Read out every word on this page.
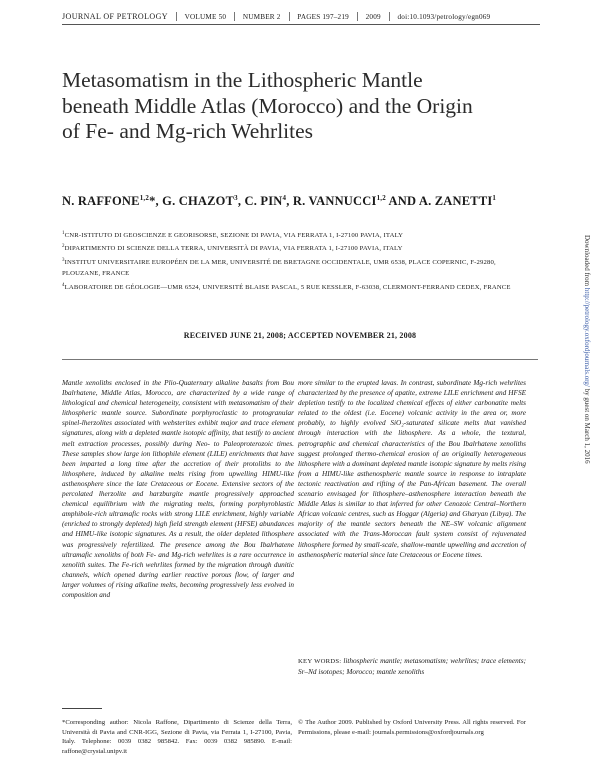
JOURNAL OF PETROLOGY VOLUME 50 NUMBER 2 PAGES 197–219 2009 doi:10.1093/petrology/egn069
Metasomatism in the Lithospheric Mantle beneath Middle Atlas (Morocco) and the Origin of Fe- and Mg-rich Wehrlites
N. RAFFONE$^{1,2}$*, G. CHAZOT$^3$, C. PIN$^4$, R. VANNUCCI$^{1,2}$ AND A. ZANETTI$^1$
$^1$CNR-ISTITUTO DI GEOSCIENZE E GEORISORSE, SEZIONE DI PAVIA, VIA FERRATA 1, I-27100 PAVIA, ITALY
$^2$DIPARTIMENTO DI SCIENZE DELLA TERRA, UNIVERSITÀ DI PAVIA, VIA FERRATA 1, I-27100 PAVIA, ITALY
$^3$INSTITUT UNIVERSITAIRE EUROPÉEN DE LA MER, UNIVERSITÉ DE BRETAGNE OCCIDENTALE, UMR 6538, PLACE COPERNIC, F-29280, PLOUZANE, FRANCE
$^4$LABORATOIRE DE GÉOLOGIE—UMR 6524, UNIVERSITÉ BLAISE PASCAL, 5 RUE KESSLER, F-63038, CLERMONT-FERRAND CEDEX, FRANCE
RECEIVED JUNE 21, 2008; ACCEPTED NOVEMBER 21, 2008
Mantle xenoliths enclosed in the Plio-Quaternary alkaline basalts from Bou Ibalrhatene, Middle Atlas, Morocco, are characterized by a wide range of lithological and chemical heterogeneity, consistent with metasomatism of their lithospheric mantle source. Subordinate porphyroclastic to protogranular spinel-lherzolites associated with websterites exhibit major and trace element signatures, along with a depleted mantle isotopic affinity, that testify to ancient melt extraction processes, possibly during Neo- to Paleoproterozoic times. These samples show large ion lithophile element (LILE) enrichments that have been imparted a long time after the accretion of their protoliths to the lithosphere, induced by alkaline melts rising from upwelling HIMU-like asthenosphere since the late Cretaceous or Eocene. Extensive sectors of the percolated lherzolite and harzburgite mantle progressively approached chemical equilibrium with the migrating melts, forming porphyroblastic amphibole-rich ultramafic rocks with strong LILE enrichment, highly variable (enriched to strongly depleted) high field strength element (HFSE) abundances and HIMU-like isotopic signatures. As a result, the older depleted lithosphere was progressively refertilized. The presence among the Bou Ibalrhatene ultramafic xenoliths of both Fe- and Mg-rich wehrlites is a rare occurrence in xenolith suites. The Fe-rich wehrlites formed by the migration through dunitic channels, which opened during earlier reactive porous flow, of larger and larger volumes of rising alkaline melts, becoming progressively less evolved in composition and
more similar to the erupted lavas. In contrast, subordinate Mg-rich wehrlites characterized by the presence of apatite, extreme LILE enrichment and HFSE depletion testify to the localized chemical effects of either carbonatite melts related to the oldest (i.e. Eocene) volcanic activity in the area or, more probably, to highly evolved SiO₂-saturated silicate melts that vanished through interaction with the lithosphere. As a whole, the textural, petrographic and chemical characteristics of the Bou Ibalrhatene xenoliths suggest prolonged thermo-chemical erosion of an originally heterogeneous lithosphere with a dominant depleted mantle isotopic signature by melts rising from a HIMU-like asthenospheric mantle source in response to intraplate tectonic reactivation and rifting of the Pan-African basement. The overall scenario envisaged for lithosphere–asthenosphere interaction beneath the Middle Atlas is similar to that inferred for other Cenozoic Central–Northern African volcanic centres, such as Hoggar (Algeria) and Gharyan (Libya). The majority of the mantle sectors beneath the NE–SW volcanic alignment associated with the Trans-Moroccan fault system consist of rejuvenated lithosphere formed by small-scale, shallow-mantle upwelling and accretion of asthenospheric material since late Cretaceous or Eocene times.
KEY WORDS: lithospheric mantle; metasomatism; wehrlites; trace elements; Sr–Nd isotopes; Morocco; mantle xenoliths
*Corresponding author: Nicola Raffone, Dipartimento di Scienze della Terra, Università di Pavia and CNR-IGG, Sezione di Pavia, via Ferrata 1, I-27100, Pavia, Italy. Telephone: 0039 0382 985842. Fax: 0039 0382 985890. E-mail: raffone@crystal.unipv.it
© The Author 2009. Published by Oxford University Press. All rights reserved. For Permissions, please e-mail: journals.permissions@oxfordjournals.org
Downloaded from http://petrology.oxfordjournals.org/ by guest on March 1, 2016
